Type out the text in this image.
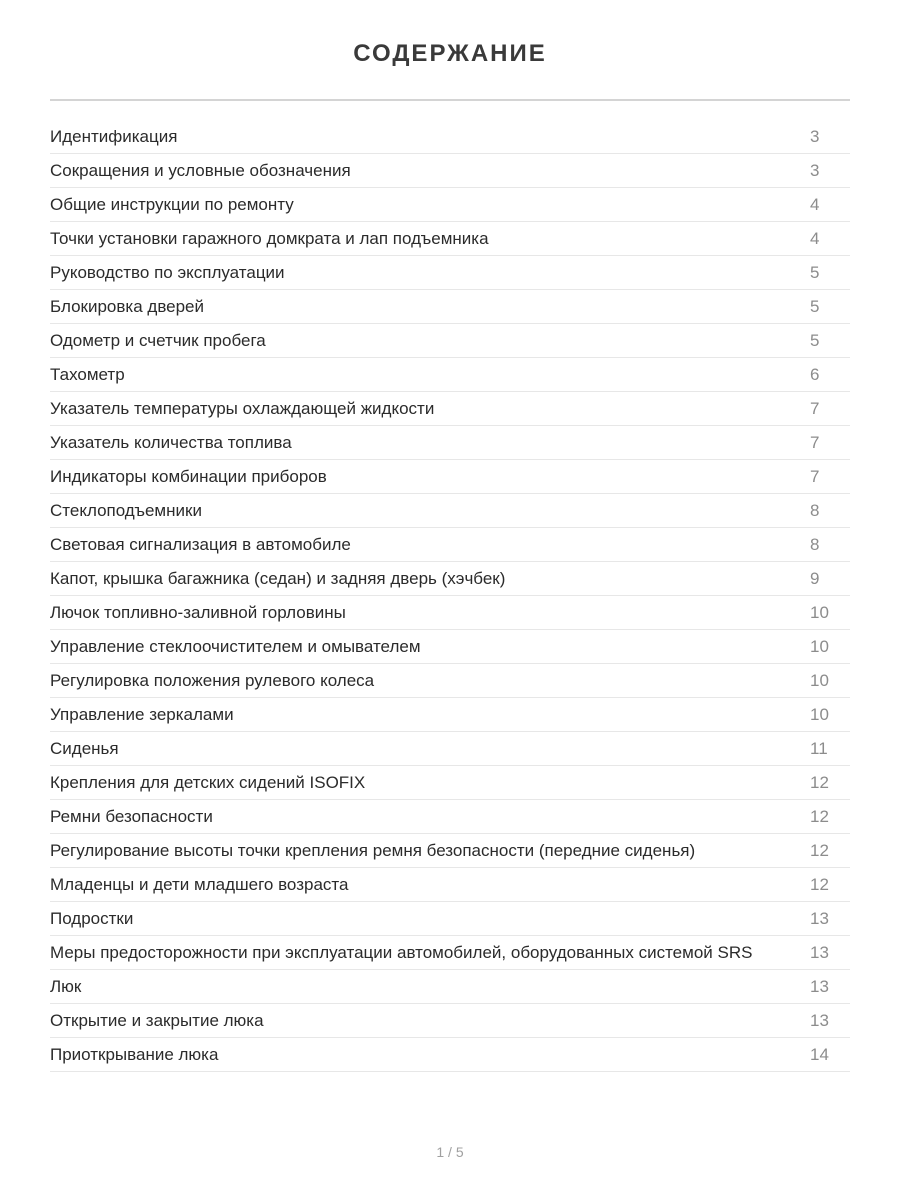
СОДЕРЖАНИЕ
Идентификация	3
Сокращения и условные обозначения	3
Общие инструкции по ремонту	4
Точки установки гаражного домкрата и лап подъемника	4
Руководство по эксплуатации	5
Блокировка дверей	5
Одометр и счетчик пробега	5
Тахометр	6
Указатель температуры охлаждающей жидкости	7
Указатель количества топлива	7
Индикаторы комбинации приборов	7
Стеклоподъемники	8
Световая сигнализация в автомобиле	8
Капот, крышка багажника (седан) и задняя дверь (хэчбек)	9
Лючок топливно-заливной горловины	10
Управление стеклоочистителем и омывателем	10
Регулировка положения рулевого колеса	10
Управление зеркалами	10
Сиденья	11
Крепления для детских сидений ISOFIX	12
Ремни безопасности	12
Регулирование высоты точки крепления ремня безопасности (передние сиденья)	12
Младенцы и дети младшего возраста	12
Подростки	13
Меры предосторожности при эксплуатации автомобилей, оборудованных системой SRS	13
Люк	13
Открытие и закрытие люка	13
Приоткрывание люка	14
1 / 5
